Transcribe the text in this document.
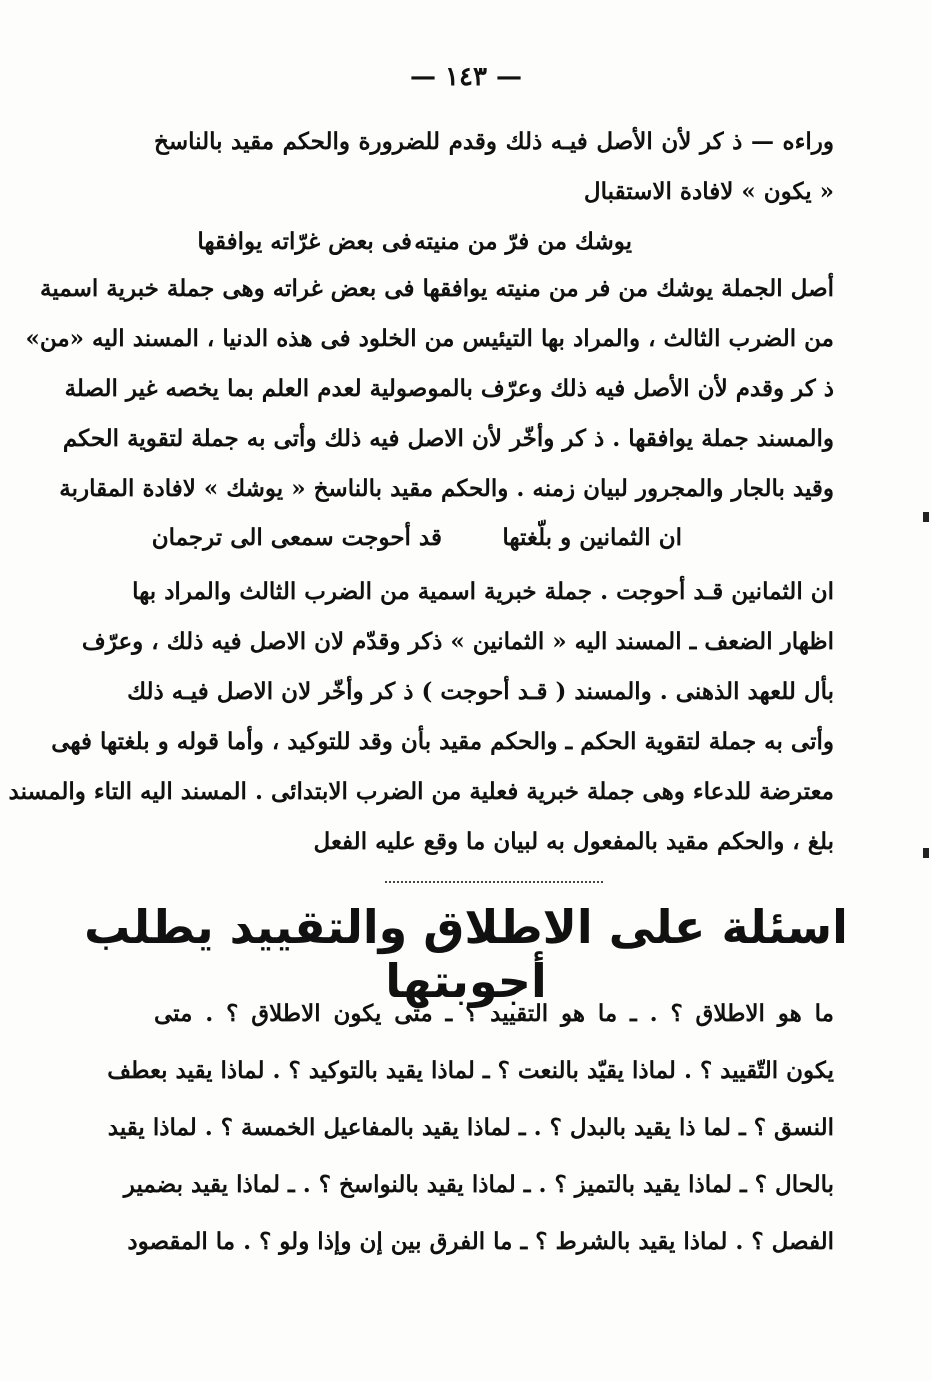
— ١٤٣ —
وراءه — ذ كر لأن الأصل فيـه ذلك وقدم للضرورة والحكم مقيد بالناسخ
« يكون » لافادة الاستقبال
يوشك من فرّ من منيته
فى بعض غرّاته يوافقها
أصل الجملة يوشك من فر من منيته يوافقها فى بعض غراته وهى جملة خبرية اسمية
من الضرب الثالث ، والمراد بها التيئيس من الخلود فى هذه الدنيا ، المسند اليه «من»
ذ كر وقدم لأن الأصل فيه ذلك وعرّف بالموصولية لعدم العلم بما يخصه غير الصلة
والمسند جملة يوافقها . ذ كر وأخّر لأن الاصل فيه ذلك وأتى به جملة لتقوية الحكم
وقيد بالجار والمجرور لبيان زمنه . والحكم مقيد بالناسخ « يوشك » لافادة المقاربة
ان الثمانين و بلّغتها
قد أحوجت سمعى الى ترجمان
ان الثمانين قـد أحوجت . جملة خبرية اسمية من الضرب الثالث والمراد بها
اظهار الضعف ـ المسند اليه « الثمانين » ذكر وقدّم لان الاصل فيه ذلك ، وعرّف
بأل للعهد الذهنى . والمسند ( قـد أحوجت ) ذ كر وأخّر لان الاصل فيـه ذلك
وأتى به جملة لتقوية الحكم ـ والحكم مقيد بأن وقد للتوكيد ، وأما قوله و بلغتها فهى
معترضة للدعاء وهى جملة خبرية فعلية من الضرب الابتدائى . المسند اليه التاء والمسند
بلغ ، والحكم مقيد بالمفعول به لبيان ما وقع عليه الفعل
اسئلة على الاطلاق والتقييد يطلب أجوبتها
ما هو الاطلاق ؟ . ـ ما هو التقييد ؟ ـ متى يكون الاطلاق ؟ . متى
يكون التّقييد ؟ . لماذا يقيّد بالنعت ؟ ـ لماذا يقيد بالتوكيد ؟ . لماذا يقيد بعطف
النسق ؟ ـ لما ذا يقيد بالبدل ؟ . ـ لماذا يقيد بالمفاعيل الخمسة ؟ . لماذا يقيد
بالحال ؟ ـ لماذا يقيد بالتميز ؟ . ـ لماذا يقيد بالنواسخ ؟ . ـ لماذا يقيد بضمير
الفصل ؟ . لماذا يقيد بالشرط ؟ ـ ما الفرق بين إن وإذا ولو ؟ . ما المقصود
